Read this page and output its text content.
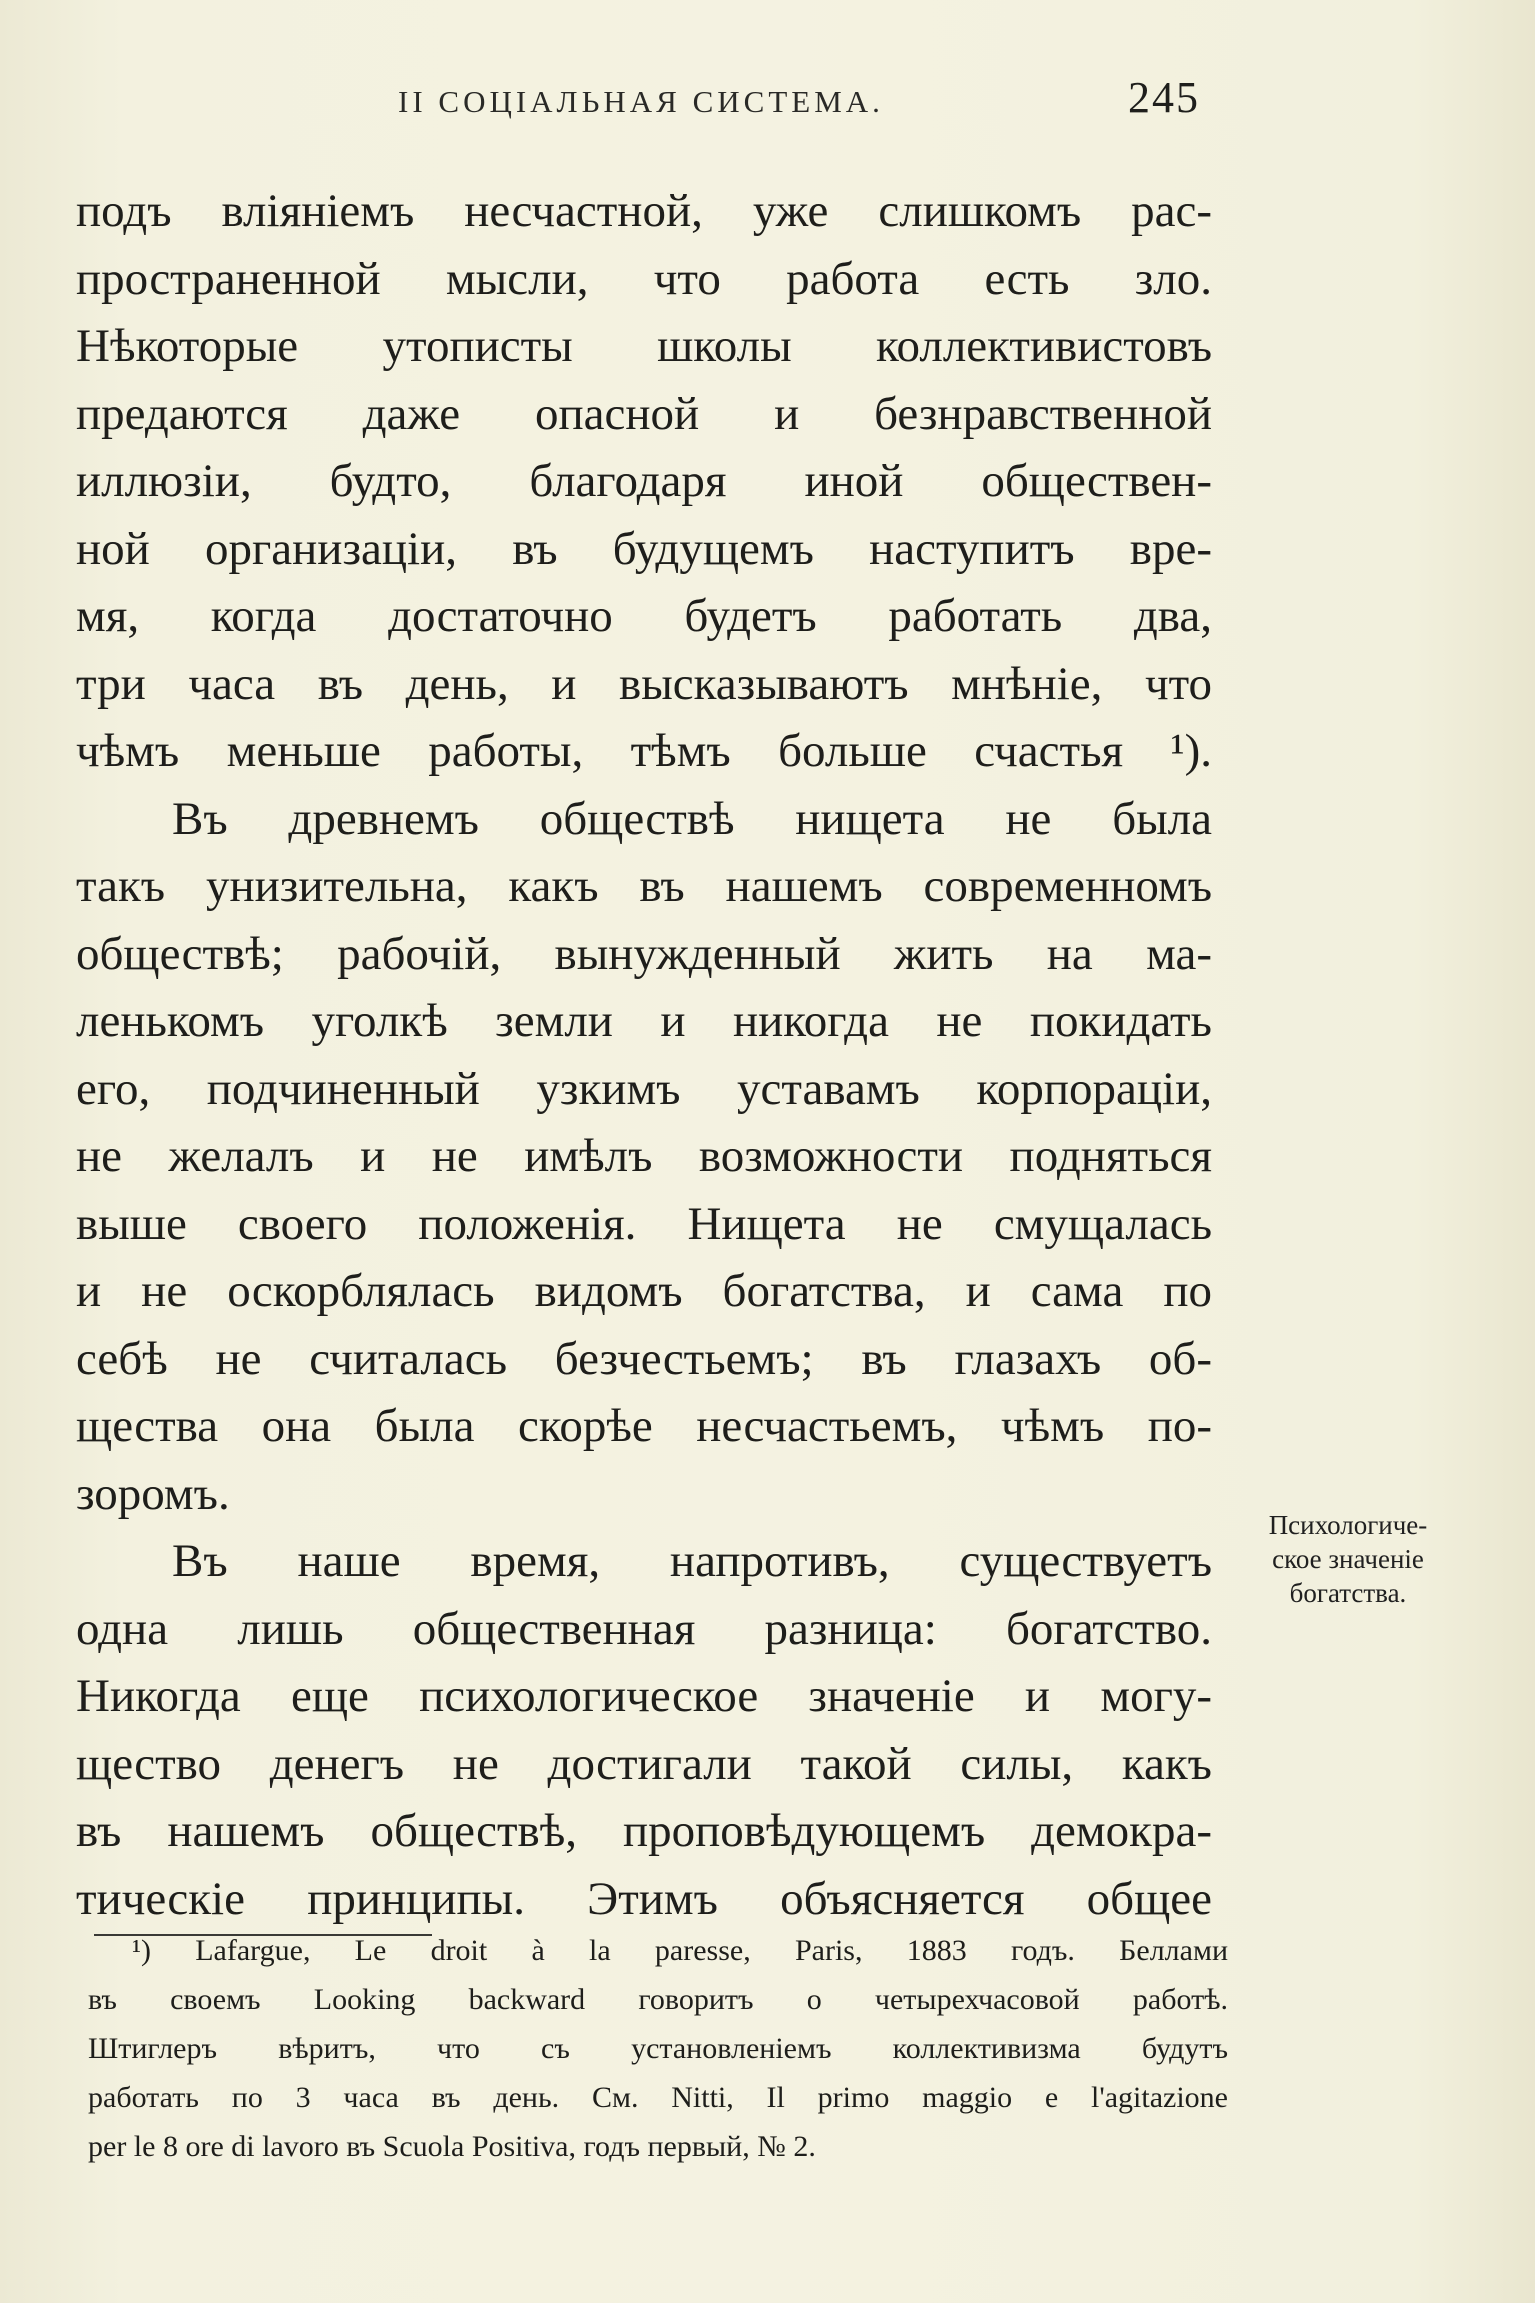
II СОЦІАЛЬНАЯ СИСТЕМА.	245
подъ вліяніемъ несчастной, уже слишкомъ рас-
пространенной мысли, что работа есть зло.
Нѣкоторые утописты школы коллективистовъ
предаются даже опасной и безнравственной
иллюзіи, будто, благодаря иной обществен-
ной организаціи, въ будущемъ наступитъ вре-
мя, когда достаточно будетъ работать два,
три часа въ день, и высказываютъ мнѣніе, что
чѣмъ меньше работы, тѣмъ больше счастья ¹).
Въ древнемъ обществѣ нищета не была
такъ унизительна, какъ въ нашемъ современномъ
обществѣ; рабочій, вынужденный жить на ма-
ленькомъ уголкѣ земли и никогда не покидать
его, подчиненный узкимъ уставамъ корпораціи,
не желалъ и не имѣлъ возможности подняться
выше своего положенія. Нищета не смущалась
и не оскорблялась видомъ богатства, и сама по
себѣ не считалась безчестьемъ; въ глазахъ об-
щества она была скорѣе несчастьемъ, чѣмъ по-
зоромъ.
Въ наше время, напротивъ, существуетъ
одна лишь общественная разница: богатство.
Никогда еще психологическое значеніе и могу-
щество денегъ не достигали такой силы, какъ
въ нашемъ обществѣ, проповѣдующемъ демокра-
тическіе принципы. Этимъ объясняется общее
Психологиче-
ское значеніе
богатства.
¹) Lafargue, Le droit à la paresse, Paris, 1883 годъ. Беллами
въ своемъ Looking backward говоритъ о четырехчасовой работѣ.
Штиглеръ вѣритъ, что съ установленіемъ коллективизма будутъ
работать по 3 часа въ день. См. Nitti, Il primo maggio e l'agitazione
per le 8 ore di lavoro въ Scuola Positiva, годъ первый, № 2.
